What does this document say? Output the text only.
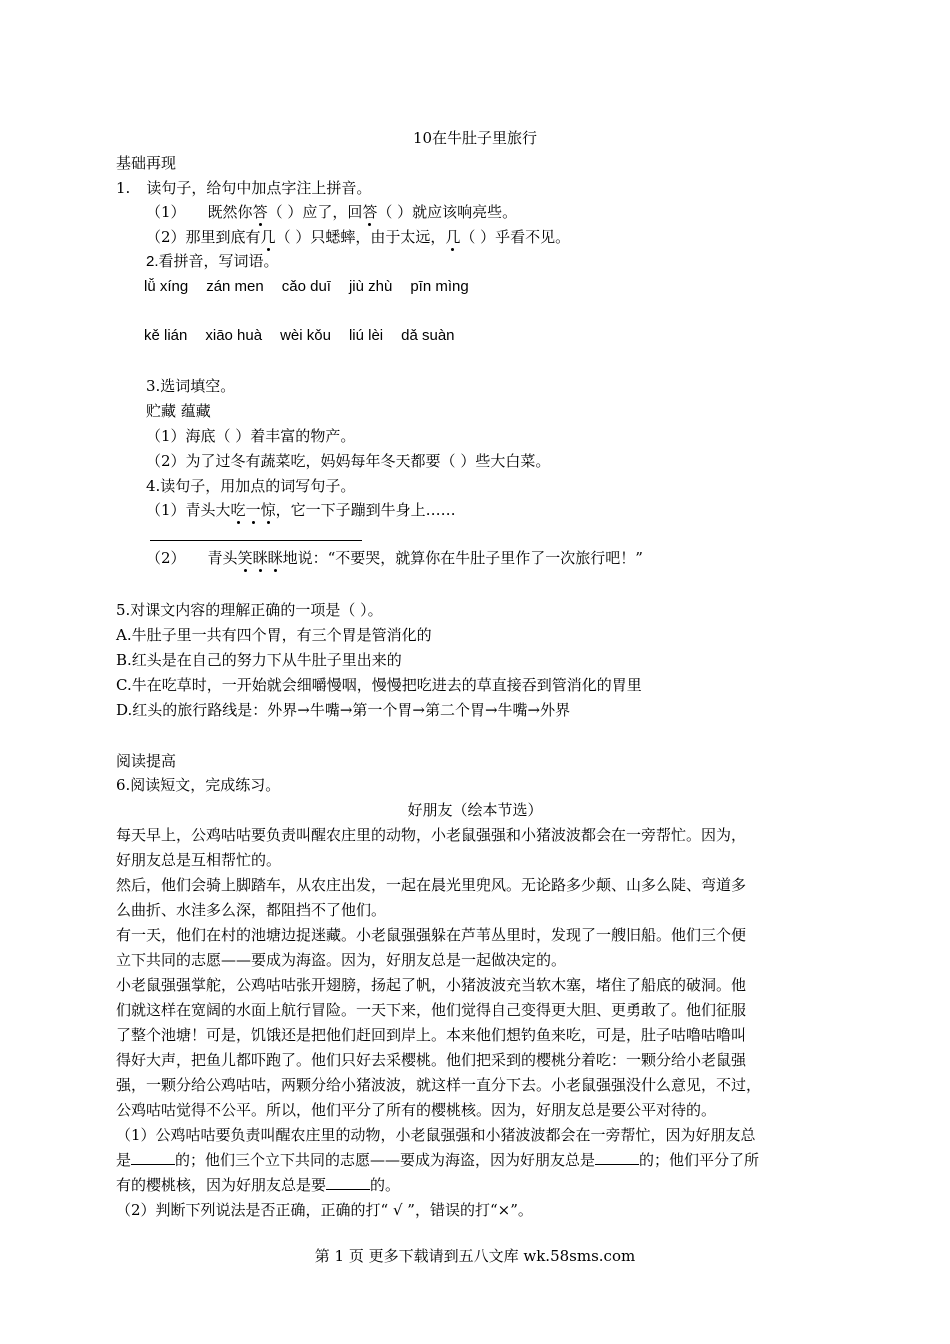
10在牛肚子里旅行
基础再现
1. 读句子，给句中加点字注上拼音。
（1） 既然你答（ ）应了，回答（ ）就应该响亮些。
（2）那里到底有几（ ）只蟋蟀，由于太远，几（ ）乎看不见。
2.看拼音，写词语。
lǚ xíng zán men cǎo duī jiù zhù pīn mìng
kě lián xiāo huà wèi kǒu liú lèi dǎ suàn
3.选词填空。
贮藏 蕴藏
（1）海底（ ）着丰富的物产。
（2）为了过冬有蔬菜吃，妈妈每年冬天都要（ ）些大白菜。
4.读句子，用加点的词写句子。
（1）青头大吃一惊，它一下子蹦到牛身上……
（2） 青头笑眯眯地说：“不要哭，就算你在牛肚子里作了一次旅行吧！”
5.对课文内容的理解正确的一项是（ ）。
A.牛肚子里一共有四个胃，有三个胃是管消化的
B.红头是在自己的努力下从牛肚子里出来的
C.牛在吃草时，一开始就会细嚼慢咽，慢慢把吃进去的草直接吞到管消化的胃里
D.红头的旅行路线是：外界→牛嘴→第一个胃→第二个胃→牛嘴→外界
阅读提高
6.阅读短文，完成练习。
好朋友（绘本节选）
每天早上，公鸡咕咕要负责叫醒农庄里的动物，小老鼠强强和小猪波波都会在一旁帮忙。因为，
好朋友总是互相帮忙的。
然后，他们会骑上脚踏车，从农庄出发，一起在晨光里兜风。无论路多少颠、山多么陡、弯道多
么曲折、水洼多么深，都阻挡不了他们。
有一天，他们在村的池塘边捉迷藏。小老鼠强强躲在芦苇丛里时，发现了一艘旧船。他们三个便
立下共同的志愿——要成为海盗。因为，好朋友总是一起做决定的。
小老鼠强强掌舵，公鸡咕咕张开翅膀，扬起了帆，小猪波波充当软木塞，堵住了船底的破洞。他
们就这样在宽阔的水面上航行冒险。一天下来，他们觉得自己变得更大胆、更勇敢了。他们征服
了整个池塘！可是，饥饿还是把他们赶回到岸上。本来他们想钓鱼来吃，可是，肚子咕噜咕噜叫
得好大声，把鱼儿都吓跑了。他们只好去采樱桃。他们把采到的樱桃分着吃：一颗分给小老鼠强
强，一颗分给公鸡咕咕，两颗分给小猪波波，就这样一直分下去。小老鼠强强没什么意见，不过，
公鸡咕咕觉得不公平。所以，他们平分了所有的樱桃核。因为，好朋友总是要公平对待的。
（1）公鸡咕咕要负责叫醒农庄里的动物，小老鼠强强和小猪波波都会在一旁帮忙，因为好朋友总
是	的；他们三个立下共同的志愿——要成为海盗，因为好朋友总是	的；他们平分了所
有的樱桃核，因为好朋友总是要	的。
（2）判断下列说法是否正确，正确的打“ √ ”，错误的打“×”。
第 1 页 更多下载请到五八文库 wk.58sms.com
